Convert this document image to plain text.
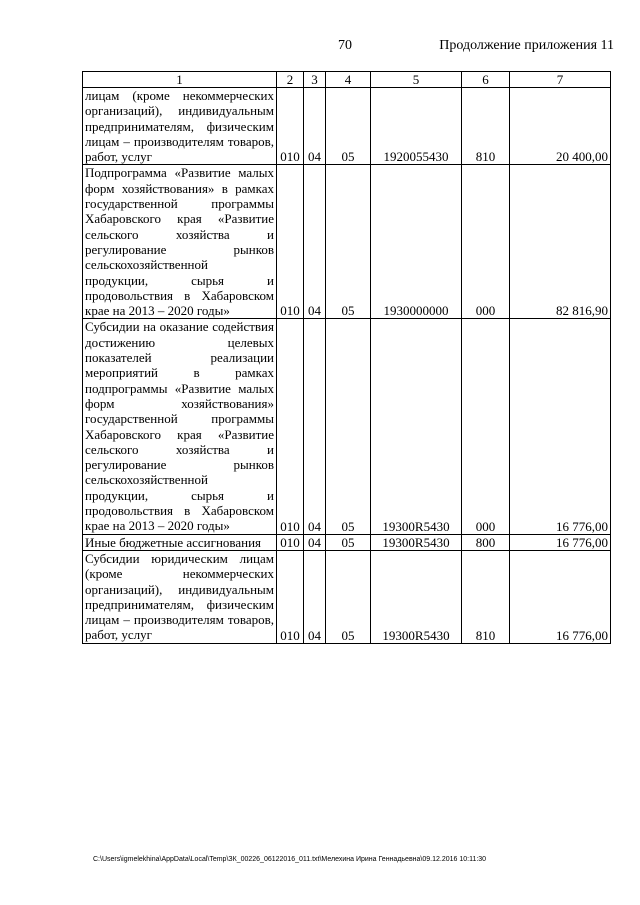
70	Продолжение приложения 11
1	2	3	4	5	6	7
лицам (кроме некоммерческих организаций), индивидуальным предпринимателям, физическим лицам – производителям товаров, работ, услуг	010	04	05	1920055430	810	20 400,00
Подпрограмма «Развитие малых форм хозяйствования» в рамках государственной программы Хабаровского края «Развитие сельского хозяйства и регулирование рынков сельскохозяйственной продукции, сырья и продовольствия в Хабаровском крае на 2013 – 2020 годы»	010	04	05	1930000000	000	82 816,90
Субсидии на оказание содействия достижению целевых показателей реализации мероприятий в рамках подпрограммы «Развитие малых форм хозяйствования» государственной программы Хабаровского края «Развитие сельского хозяйства и регулирование рынков сельскохозяйственной продукции, сырья и продовольствия в Хабаровском крае на 2013 – 2020 годы»	010	04	05	19300R5430	000	16 776,00
Иные бюджетные ассигнования	010	04	05	19300R5430	800	16 776,00
Субсидии юридическим лицам (кроме некоммерческих организаций), индивидуальным предпринимателям, физическим лицам – производителям товаров, работ, услуг	010	04	05	19300R5430	810	16 776,00
C:\Users\igmelekhina\AppData\Local\Temp\ЗК_00226_06122016_011.txt\Мелехина Ирина Геннадьевна\09.12.2016 10:11:30
